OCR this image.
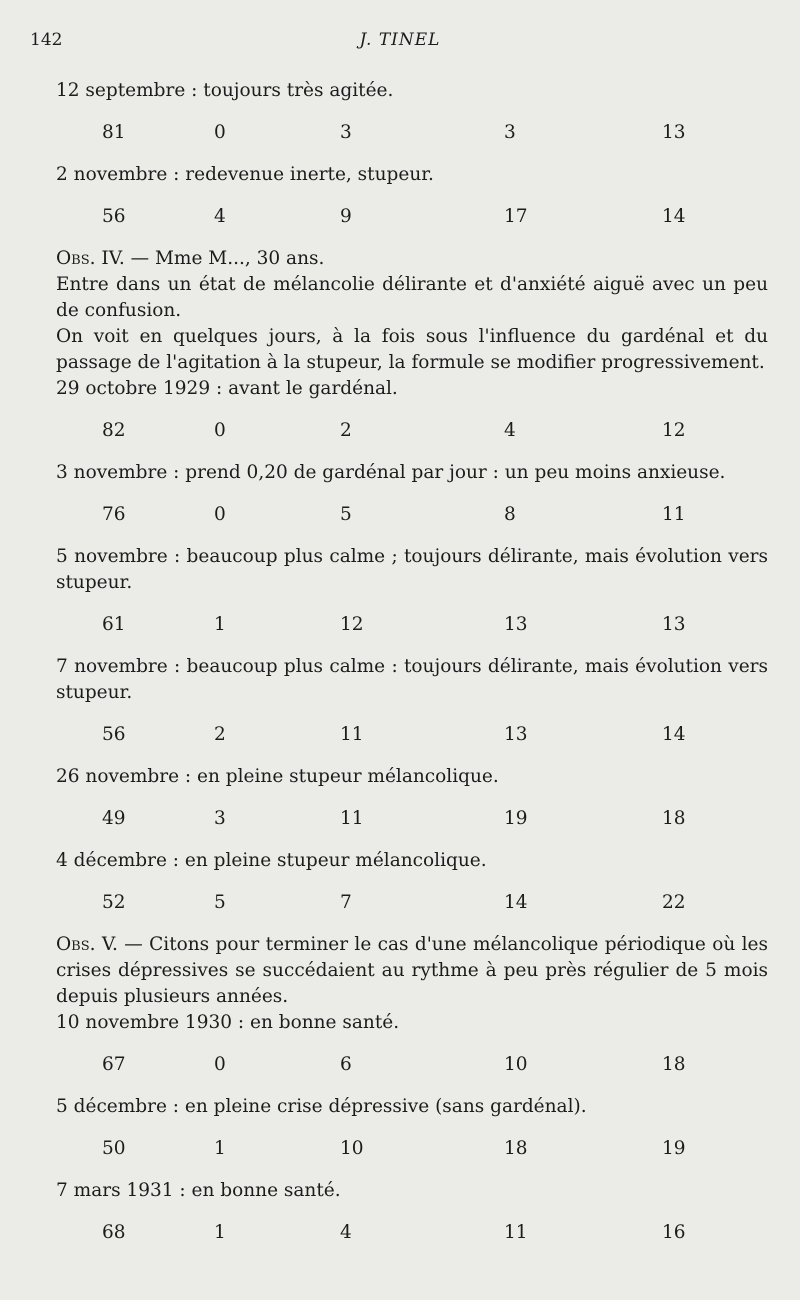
142	J. TINEL

12 septembre : toujours très agitée.

81	0	3	3	13

2 novembre : redevenue inerte, stupeur.

56	4	9	17	14

Obs. IV. — Mme M..., 30 ans.

Entre dans un état de mélancolie délirante et d'anxiété aiguë avec un peu de confusion.

On voit en quelques jours, à la fois sous l'influence du gardénal et du passage de l'agitation à la stupeur, la formule se modifier progressivement.

29 octobre 1929 : avant le gardénal.

82	0	2	4	12

3 novembre : prend 0,20 de gardénal par jour : un peu moins anxieuse.

76	0	5	8	11

5 novembre : beaucoup plus calme ; toujours délirante, mais évolution vers stupeur.

61	1	12	13	13

7 novembre : beaucoup plus calme : toujours délirante, mais évolution vers stupeur.

56	2	11	13	14

26 novembre : en pleine stupeur mélancolique.

49	3	11	19	18

4 décembre : en pleine stupeur mélancolique.

52	5	7	14	22

Obs. V. — Citons pour terminer le cas d'une mélancolique périodique où les crises dépressives se succédaient au rythme à peu près régulier de 5 mois depuis plusieurs années.

10 novembre 1930 : en bonne santé.

67	0	6	10	18

5 décembre : en pleine crise dépressive (sans gardénal).

50	1	10	18	19

7 mars 1931 : en bonne santé.

68	1	4	11	16
